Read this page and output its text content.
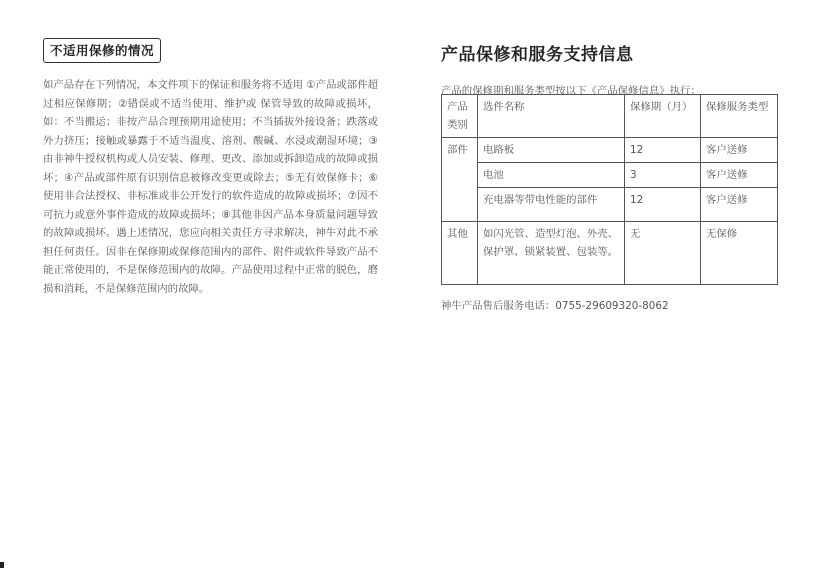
不适用保修的情况
如产品存在下列情况，本文件项下的保证和服务将不适用 ①产品或部件超过相应保修期；②错误或不适当使用、维护或 保管导致的故障或损坏，如：不当搬运；非按产品合理预期用途使用；不当插拔外接设备；跌落或外力挤压；接触或暴露于不适当温度、溶剂、酸碱、水浸或潮湿环境；③由非神牛授权机构或人员安装、修理、更改、添加或拆卸造成的故障或损坏；④产品或部件原有识别信息被修改变更或除去；⑤无有效保修卡；⑥使用非合法授权、非标准或非公开发行的软件造成的故障或损坏；⑦因不可抗力或意外事件造成的故障或损坏；⑧其他非因产品本身质量问题导致的故障或损坏。遇上述情况，您应向相关责任方寻求解决，神牛对此不承担任何责任。因非在保修期或保修范围内的部件、附件或软件导致产品不能正常使用的，不是保修范围内的故障。产品使用过程中正常的脱色，磨损和消耗，不是保修范围内的故障。
产品保修和服务支持信息
产品的保修期和服务类型按以下《产品保修信息》执行：
产品类别	选件名称	保修期（月）	保修服务类型
部件	电路板	12	客户送修
	电池	3	客户送修
	充电器等带电性能的部件	12	客户送修
其他	如闪光管、造型灯泡、外壳、保护罩、锁紧装置、包装等。	无	无保修
神牛产品售后服务电话：0755-29609320-8062
